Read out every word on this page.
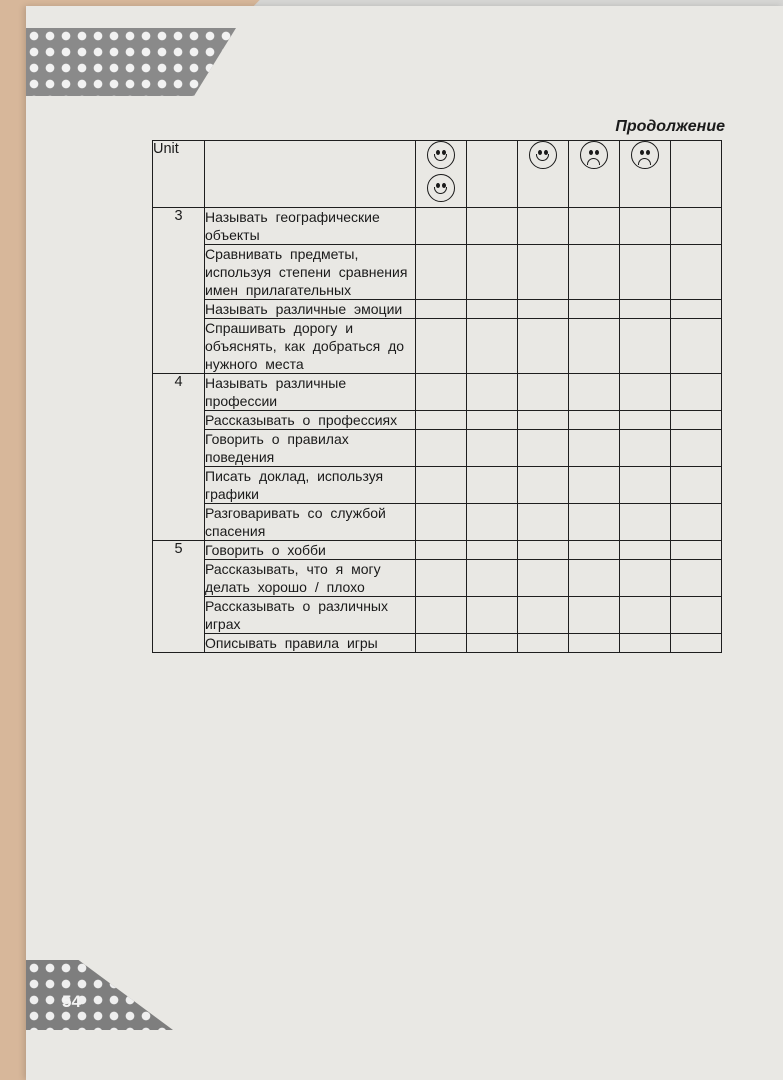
54
Продолжение
Unit		

3	Называть географические объекты						
	Сравнивать предметы, используя степени сравнения имен прилагательных						
	Называть различные эмоции						
	Спрашивать дорогу и объяснять, как добраться до нужного места						
4	Называть различные профессии						
	Рассказывать о профессиях						
	Говорить о правилах поведения						
	Писать доклад, используя графики						
	Разговаривать со службой спасения						
5	Говорить о хобби						
	Рассказывать, что я могу делать хорошо / плохо						
	Рассказывать о различных играх						
	Описывать правила игры						
